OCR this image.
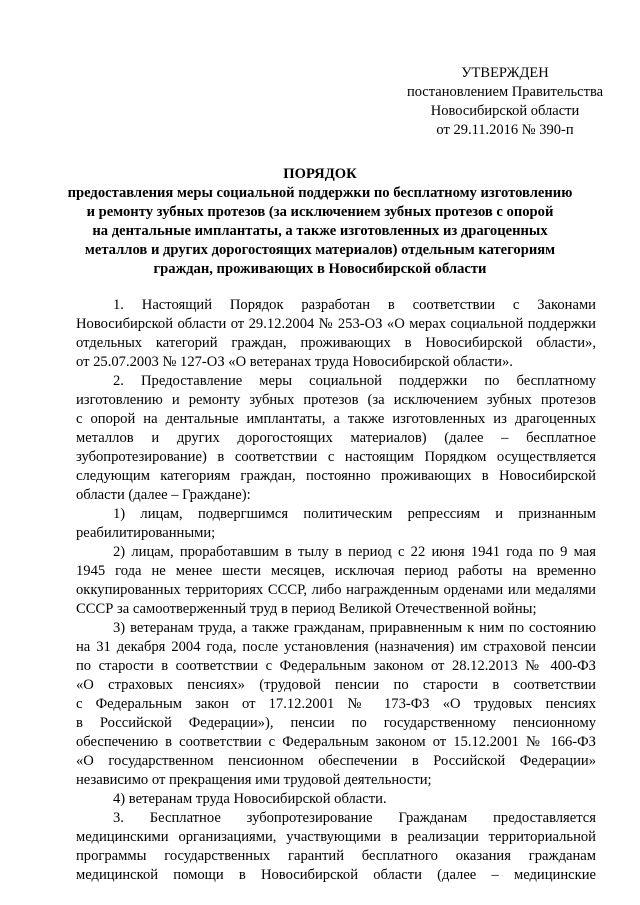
УТВЕРЖДЕН
постановлением Правительства
Новосибирской области
от 29.11.2016 № 390-п
ПОРЯДОК
предоставления меры социальной поддержки по бесплатному изготовлению
и ремонту зубных протезов (за исключением зубных протезов с опорой
на дентальные имплантаты, а также изготовленных из драгоценных
металлов и других дорогостоящих материалов) отдельным категориям
граждан, проживающих в Новосибирской области
1. Настоящий Порядок разработан в соответствии с Законами
Новосибирской области от 29.12.2004 № 253-ОЗ «О мерах социальной поддержки
отдельных категорий граждан, проживающих в Новосибирской области»,
от 25.07.2003 № 127-ОЗ «О ветеранах труда Новосибирской области».
2. Предоставление меры социальной поддержки по бесплатному
изготовлению и ремонту зубных протезов (за исключением зубных протезов
с опорой на дентальные имплантаты, а также изготовленных из драгоценных
металлов и других дорогостоящих материалов) (далее – бесплатное
зубопротезирование) в соответствии с настоящим Порядком осуществляется
следующим категориям граждан, постоянно проживающих в Новосибирской
области (далее – Граждане):
1) лицам, подвергшимся политическим репрессиям и признанным
реабилитированными;
2) лицам, проработавшим в тылу в период с 22 июня 1941 года по 9 мая
1945 года не менее шести месяцев, исключая период работы на временно
оккупированных территориях СССР, либо награжденным орденами или медалями
СССР за самоотверженный труд в период Великой Отечественной войны;
3) ветеранам труда, а также гражданам, приравненным к ним по состоянию
на 31 декабря 2004 года, после установления (назначения) им страховой пенсии
по старости в соответствии с Федеральным законом от 28.12.2013 № 400-ФЗ
«О страховых пенсиях» (трудовой пенсии по старости в соответствии
с Федеральным закон от 17.12.2001 № 173-ФЗ «О трудовых пенсиях
в Российской Федерации»), пенсии по государственному пенсионному
обеспечению в соответствии с Федеральным законом от 15.12.2001 № 166-ФЗ
«О государственном пенсионном обеспечении в Российской Федерации»
независимо от прекращения ими трудовой деятельности;
4) ветеранам труда Новосибирской области.
3. Бесплатное зубопротезирование Гражданам предоставляется
медицинскими организациями, участвующими в реализации территориальной
программы государственных гарантий бесплатного оказания гражданам
медицинской помощи в Новосибирской области (далее – медицинские
